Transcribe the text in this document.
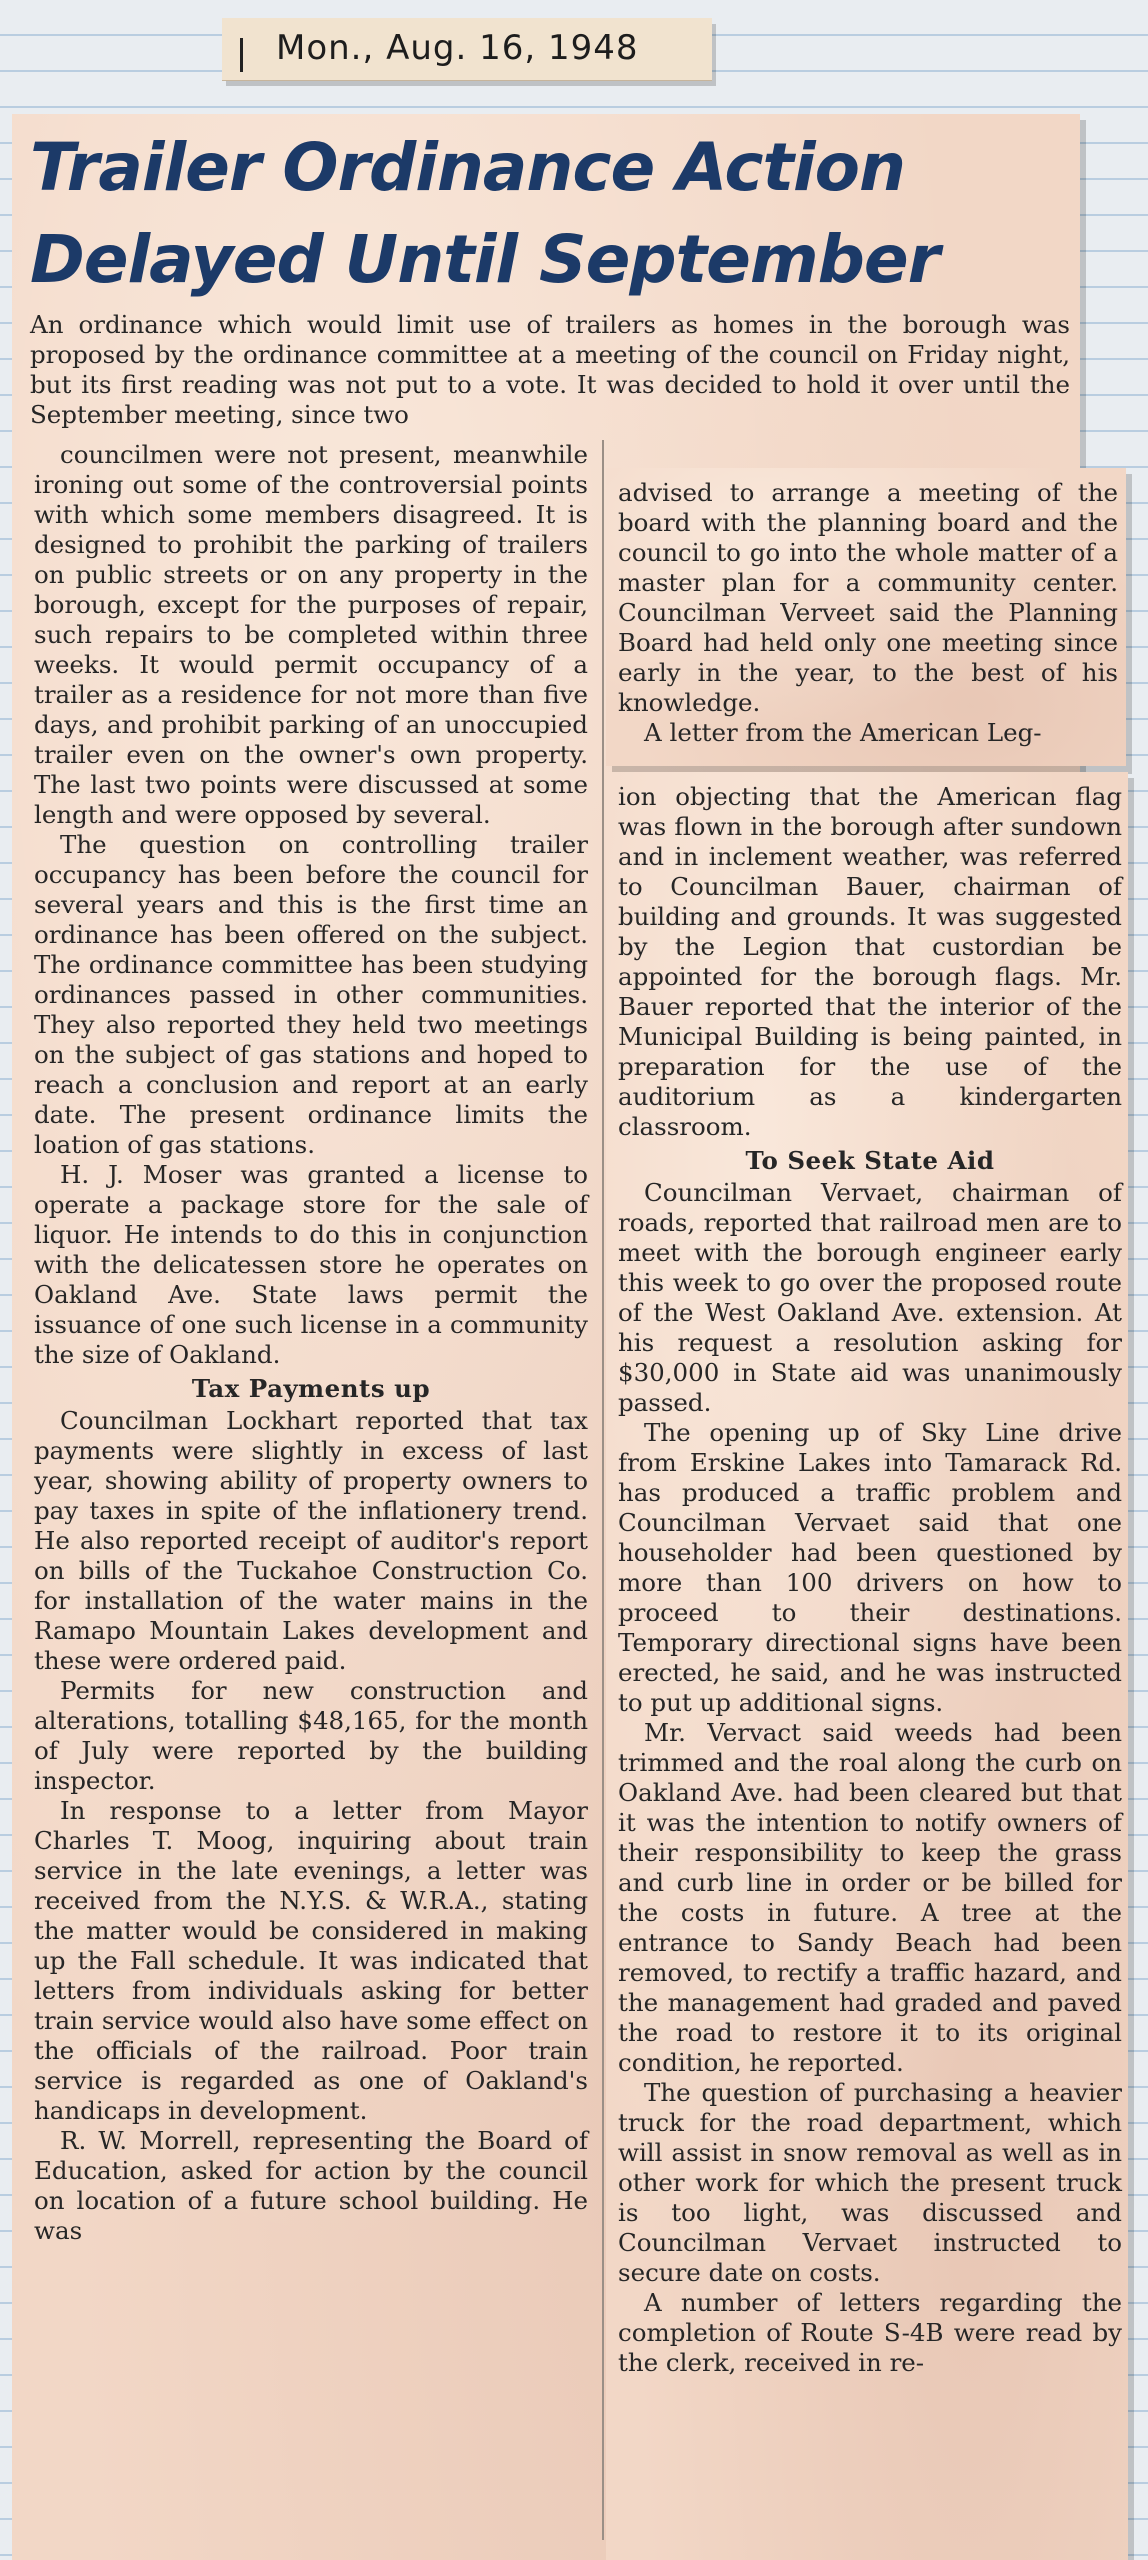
Mon., Aug. 16, 1948
Trailer Ordinance Action
Delayed Until September

An ordinance which would limit use of trailers as homes in the borough was proposed by the ordinance committee at a meeting of the council on Friday night, but its first reading was not put to a vote. It was decided to hold it over until the September meeting, since two

councilmen were not present, meanwhile ironing out some of the controversial points with which some members disagreed. It is designed to prohibit the parking of trailers on public streets or on any property in the borough, except for the purposes of repair, such repairs to be completed within three weeks. It would permit occupancy of a trailer as a residence for not more than five days, and prohibit parking of an unoccupied trailer even on the owner's own property. The last two points were discussed at some length and were opposed by several.

The question on controlling trailer occupancy has been before the council for several years and this is the first time an ordinance has been offered on the subject. The ordinance committee has been studying ordinances passed in other communities. They also reported they held two meetings on the subject of gas stations and hoped to reach a conclusion and report at an early date. The present ordinance limits the loation of gas stations.

H. J. Moser was granted a license to operate a package store for the sale of liquor. He intends to do this in conjunction with the delicatessen store he operates on Oakland Ave. State laws permit the issuance of one such license in a community the size of Oakland.

Tax Payments up

Councilman Lockhart reported that tax payments were slightly in excess of last year, showing ability of property owners to pay taxes in spite of the inflationery trend. He also reported receipt of auditor's report on bills of the Tuckahoe Construction Co. for installation of the water mains in the Ramapo Mountain Lakes development and these were ordered paid.

Permits for new construction and alterations, totalling $48,165, for the month of July were reported by the building inspector.

In response to a letter from Mayor Charles T. Moog, inquiring about train service in the late evenings, a letter was received from the N.Y.S. & W.R.A., stating the matter would be considered in making up the Fall schedule. It was indicated that letters from individuals asking for better train service would also have some effect on the officials of the railroad. Poor train service is regarded as one of Oakland's handicaps in development.

R. W. Morrell, representing the Board of Education, asked for action by the council on location of a future school building. He was

advised to arrange a meeting of the board with the planning board and the council to go into the whole matter of a master plan for a community center. Councilman Verveet said the Planning Board had held only one meeting since early in the year, to the best of his knowledge.

A letter from the American Leg-

ion objecting that the American flag was flown in the borough after sundown and in inclement weather, was referred to Councilman Bauer, chairman of building and grounds. It was suggested by the Legion that custordian be appointed for the borough flags. Mr. Bauer reported that the interior of the Municipal Building is being painted, in preparation for the use of the auditorium as a kindergarten classroom.

To Seek State Aid

Councilman Vervaet, chairman of roads, reported that railroad men are to meet with the borough engineer early this week to go over the proposed route of the West Oakland Ave. extension. At his request a resolution asking for $30,000 in State aid was unanimously passed.

The opening up of Sky Line drive from Erskine Lakes into Tamarack Rd. has produced a traffic problem and Councilman Vervaet said that one householder had been questioned by more than 100 drivers on how to proceed to their destinations. Temporary directional signs have been erected, he said, and he was instructed to put up additional signs.

Mr. Vervact said weeds had been trimmed and the roal along the curb on Oakland Ave. had been cleared but that it was the intention to notify owners of their responsibility to keep the grass and curb line in order or be billed for the costs in future. A tree at the entrance to Sandy Beach had been removed, to rectify a traffic hazard, and the management had graded and paved the road to restore it to its original condition, he reported.

The question of purchasing a heavier truck for the road department, which will assist in snow removal as well as in other work for which the present truck is too light, was discussed and Councilman Vervaet instructed to secure date on costs.

A number of letters regarding the completion of Route S-4B were read by the clerk, received in re-
